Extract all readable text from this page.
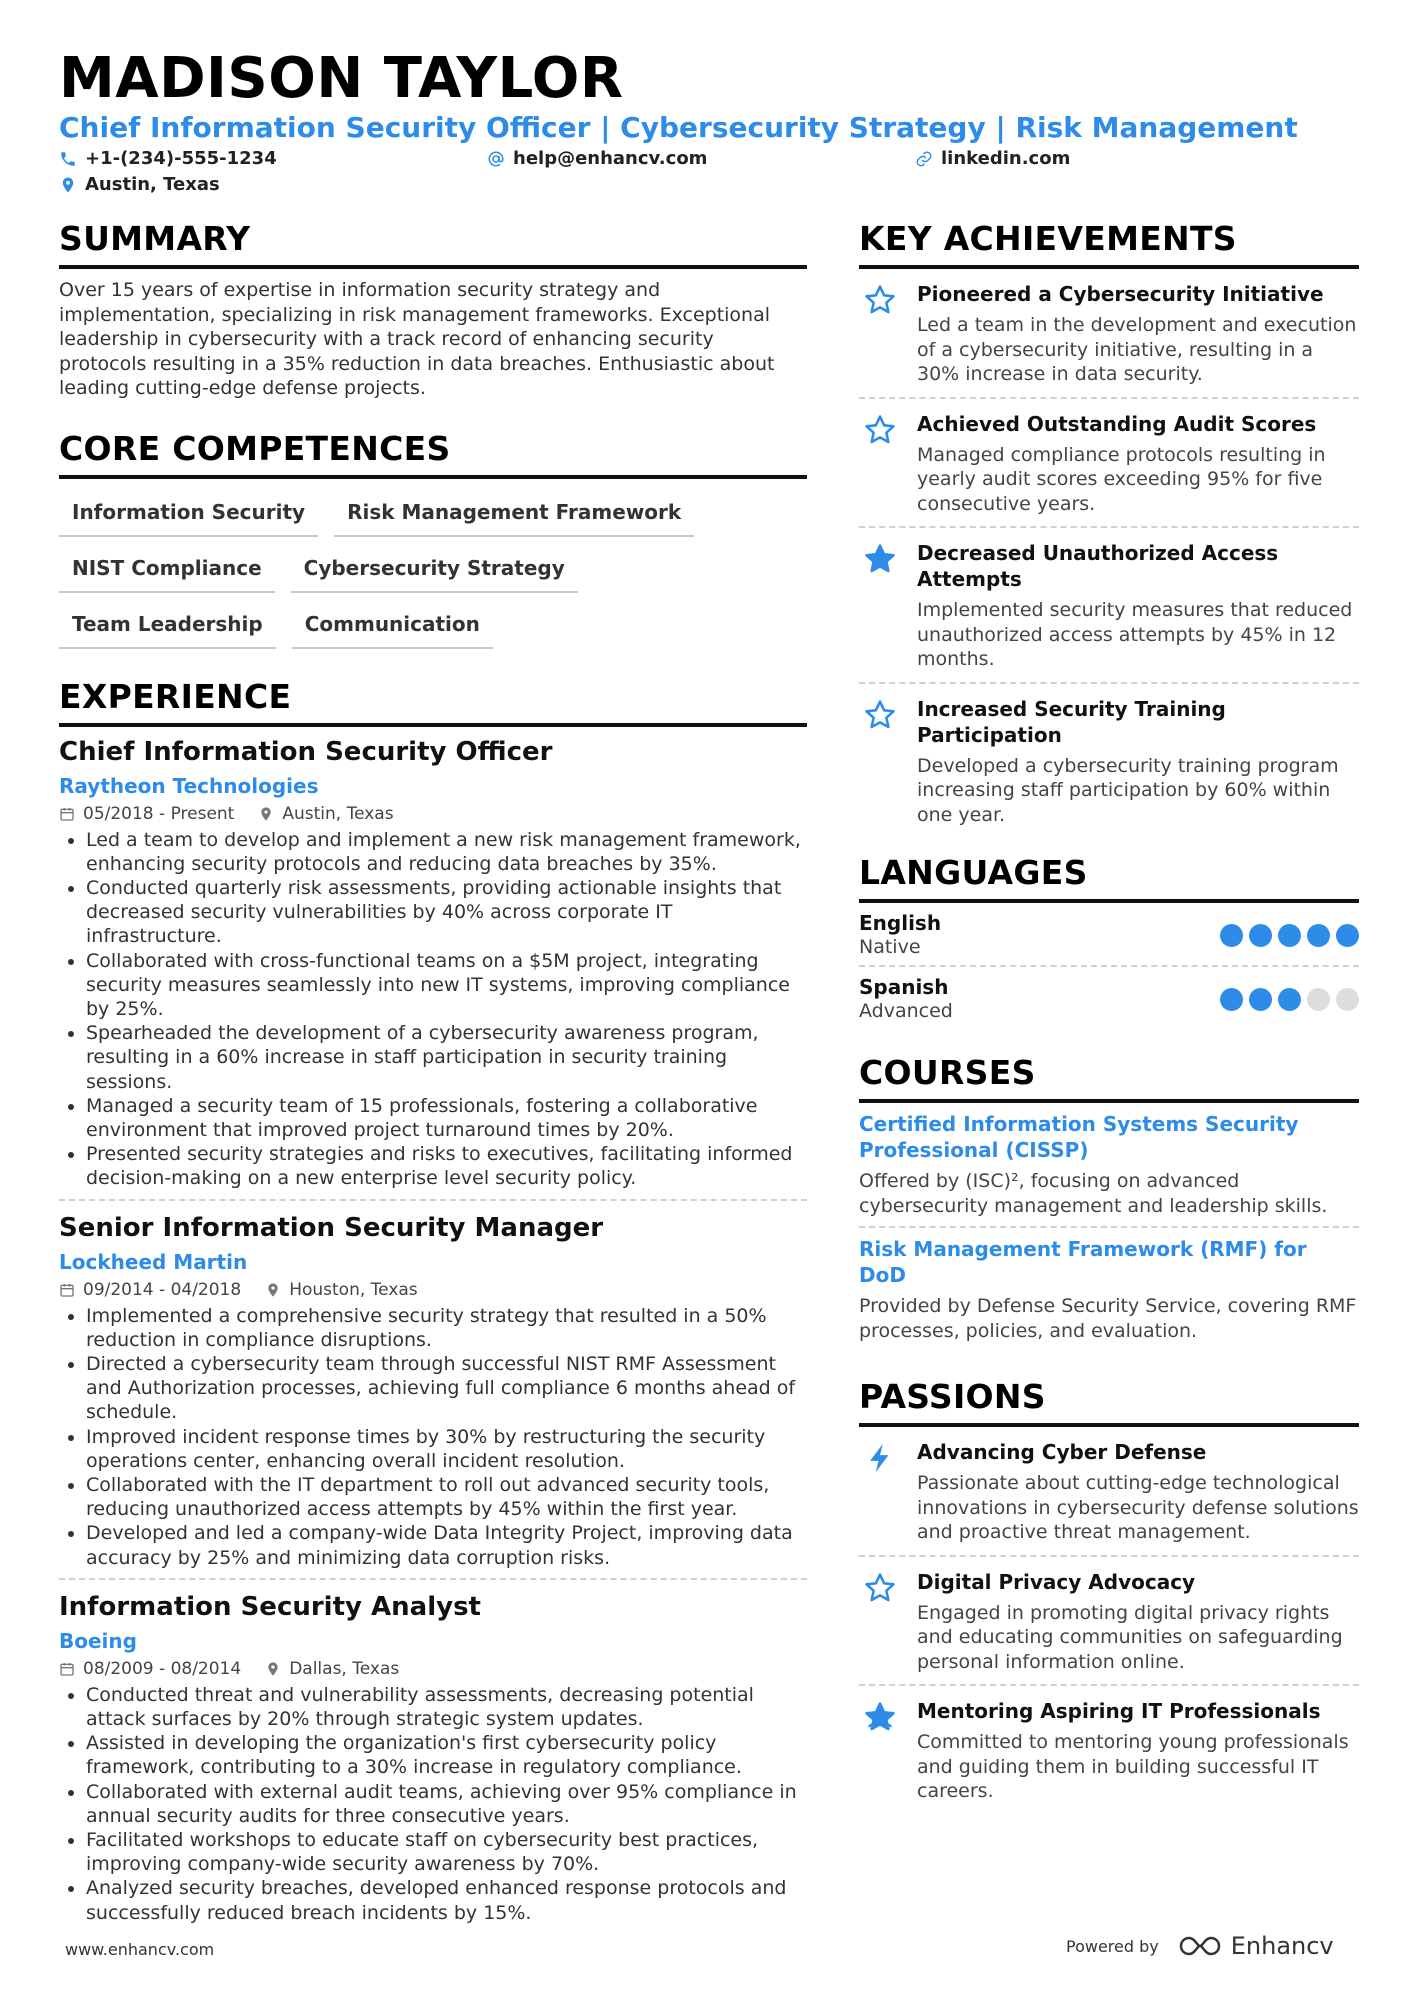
MADISON TAYLOR
Chief Information Security Officer | Cybersecurity Strategy | Risk Management
+1-(234)-555-1234	help@enhancv.com	linkedin.com
Austin, Texas
SUMMARY

Over 15 years of expertise in information security strategy and implementation, specializing in risk management frameworks. Exceptional leadership in cybersecurity with a track record of enhancing security protocols resulting in a 35% reduction in data breaches. Enthusiastic about leading cutting-edge defense projects.

CORE COMPETENCES
Information Security	Risk Management Framework
NIST Compliance	Cybersecurity Strategy
Team Leadership	Communication
EXPERIENCE
Chief Information Security Officer
Raytheon Technologies
05/2018 - Present	Austin, Texas
• Led a team to develop and implement a new risk management framework, enhancing security protocols and reducing data breaches by 35%.
• Conducted quarterly risk assessments, providing actionable insights that decreased security vulnerabilities by 40% across corporate IT infrastructure.
• Collaborated with cross-functional teams on a $5M project, integrating security measures seamlessly into new IT systems, improving compliance by 25%.
• Spearheaded the development of a cybersecurity awareness program, resulting in a 60% increase in staff participation in security training sessions.
• Managed a security team of 15 professionals, fostering a collaborative environment that improved project turnaround times by 20%.
• Presented security strategies and risks to executives, facilitating informed decision-making on a new enterprise level security policy.
Senior Information Security Manager
Lockheed Martin
09/2014 - 04/2018	Houston, Texas
• Implemented a comprehensive security strategy that resulted in a 50% reduction in compliance disruptions.
• Directed a cybersecurity team through successful NIST RMF Assessment and Authorization processes, achieving full compliance 6 months ahead of schedule.
• Improved incident response times by 30% by restructuring the security operations center, enhancing overall incident resolution.
• Collaborated with the IT department to roll out advanced security tools, reducing unauthorized access attempts by 45% within the first year.
• Developed and led a company-wide Data Integrity Project, improving data accuracy by 25% and minimizing data corruption risks.
Information Security Analyst
Boeing
08/2009 - 08/2014	Dallas, Texas
• Conducted threat and vulnerability assessments, decreasing potential attack surfaces by 20% through strategic system updates.
• Assisted in developing the organization's first cybersecurity policy framework, contributing to a 30% increase in regulatory compliance.
• Collaborated with external audit teams, achieving over 95% compliance in annual security audits for three consecutive years.
• Facilitated workshops to educate staff on cybersecurity best practices, improving company-wide security awareness by 70%.
• Analyzed security breaches, developed enhanced response protocols and successfully reduced breach incidents by 15%.
KEY ACHIEVEMENTS
Pioneered a Cybersecurity Initiative
Led a team in the development and execution of a cybersecurity initiative, resulting in a 30% increase in data security.
Achieved Outstanding Audit Scores
Managed compliance protocols resulting in yearly audit scores exceeding 95% for five consecutive years.
Decreased Unauthorized Access Attempts
Implemented security measures that reduced unauthorized access attempts by 45% in 12 months.
Increased Security Training Participation
Developed a cybersecurity training program increasing staff participation by 60% within one year.
LANGUAGES
English
Native
Spanish
Advanced
COURSES
Certified Information Systems Security Professional (CISSP)
Offered by (ISC)², focusing on advanced cybersecurity management and leadership skills.
Risk Management Framework (RMF) for DoD
Provided by Defense Security Service, covering RMF processes, policies, and evaluation.
PASSIONS
Advancing Cyber Defense
Passionate about cutting-edge technological innovations in cybersecurity defense solutions and proactive threat management.
Digital Privacy Advocacy
Engaged in promoting digital privacy rights and educating communities on safeguarding personal information online.
Mentoring Aspiring IT Professionals
Committed to mentoring young professionals and guiding them in building successful IT careers.
www.enhancv.com	Powered by	Enhancv
